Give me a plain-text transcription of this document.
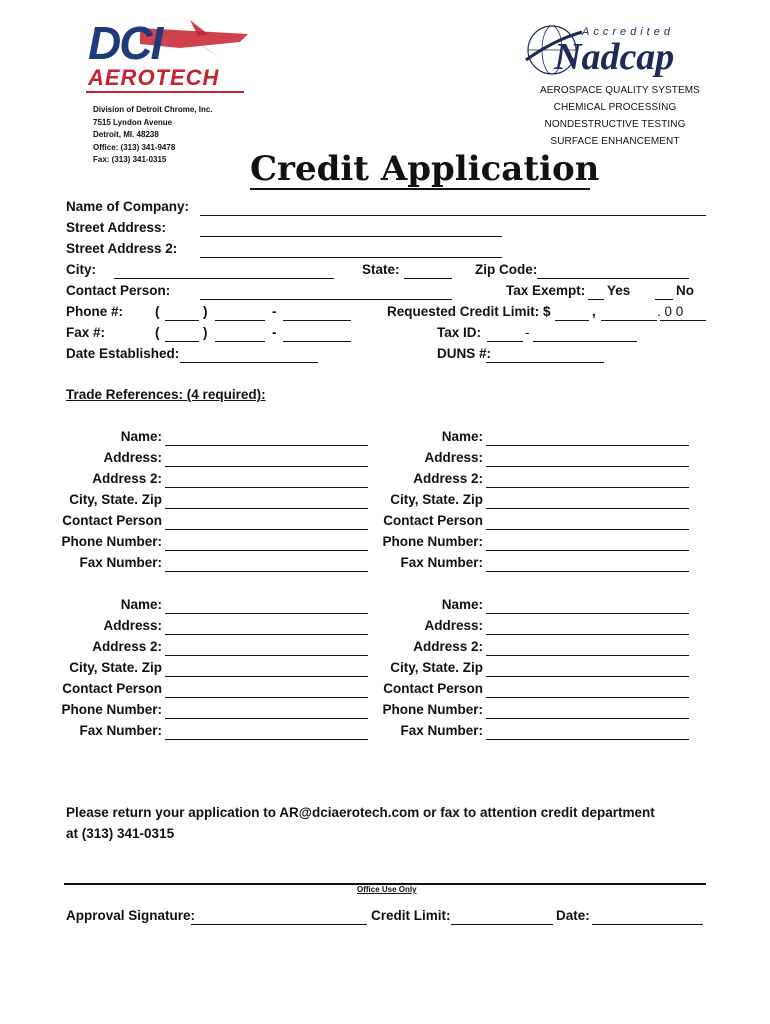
DCI
AEROTECH
Division of Detroit Chrome, Inc.
7515 Lyndon Avenue
Detroit, MI. 48238
Office: (313) 341-9478
Fax: (313) 341-0315
Accredited
Nadcap
AEROSPACE QUALITY SYSTEMS
CHEMICAL PROCESSING
NONDESTRUCTIVE TESTING
SURFACE ENHANCEMENT
Credit Application
Name of Company:
Street Address:
Street Address 2:
City:	State:	Zip Code:
Contact Person:	Tax Exempt: Yes	No
Phone #: (	)	-	Requested Credit Limit: $	,	. 0 0
Fax #:	(	)	-	Tax ID:	-
Date Established:	DUNS #:
Trade References: (4 required):
Name:
Address:
Address 2:
City, State. Zip
Contact Person
Phone Number:
Fax Number:
Name:
Address:
Address 2:
City, State. Zip
Contact Person
Phone Number:
Fax Number:
Name:
Address:
Address 2:
City, State. Zip
Contact Person
Phone Number:
Fax Number:
Name:
Address:
Address 2:
City, State. Zip
Contact Person
Phone Number:
Fax Number:
Please return your application to AR@dciaerotech.com or fax to attention credit department
at (313) 341-0315
Office Use Only
Approval Signature:	Credit Limit:	Date:
